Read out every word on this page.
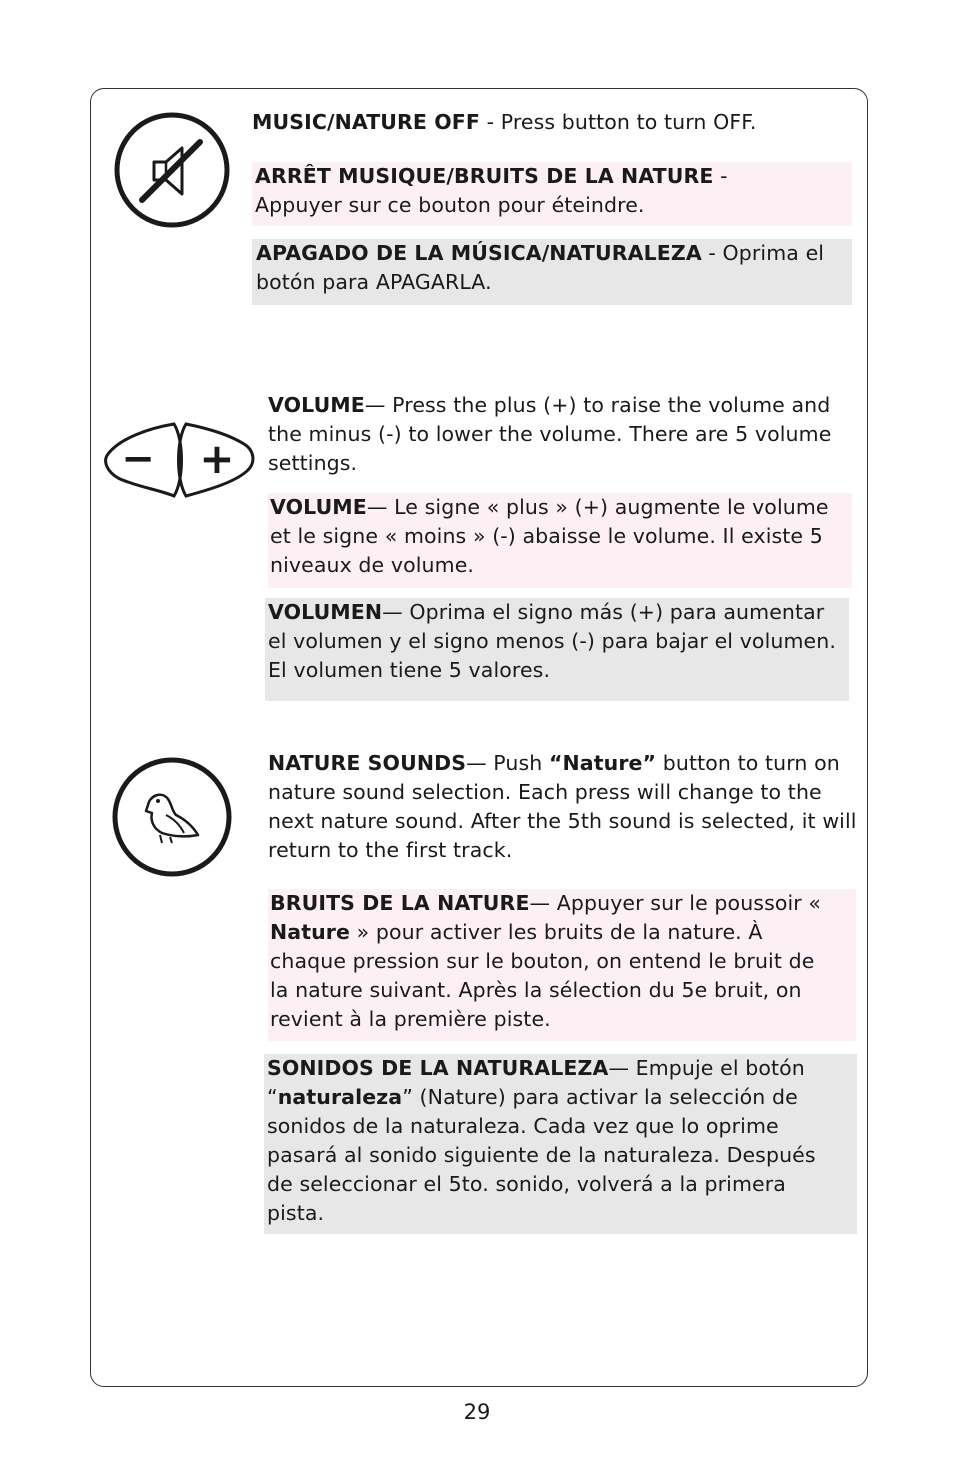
MUSIC/NATURE OFF - Press button to turn OFF.
ARRÊT MUSIQUE/BRUITS DE LA NATURE -
Appuyer sur ce bouton pour éteindre.
APAGADO DE LA MÚSICA/NATURALEZA - Oprima el botón para APAGARLA.
− +
VOLUME— Press the plus (+) to raise the volume and the minus (-) to lower the volume. There are 5 volume settings.
VOLUME— Le signe « plus » (+) augmente le volume et le signe « moins » (-) abaisse le volume. Il existe 5 niveaux de volume.
VOLUMEN— Oprima el signo más (+) para aumentar el volumen y el signo menos (-) para bajar el volumen. El volumen tiene 5 valores.
NATURE SOUNDS— Push “Nature” button to turn on nature sound selection. Each press will change to the next nature sound. After the 5th sound is selected, it will return to the first track.
BRUITS DE LA NATURE— Appuyer sur le poussoir « Nature » pour activer les bruits de la nature. À chaque pression sur le bouton, on entend le bruit de la nature suivant. Après la sélection du 5e bruit, on revient à la première piste.
SONIDOS DE LA NATURALEZA— Empuje el botón “naturaleza” (Nature) para activar la selección de sonidos de la naturaleza. Cada vez que lo oprime pasará al sonido siguiente de la naturaleza. Después de seleccionar el 5to. sonido, volverá a la primera pista.
29
